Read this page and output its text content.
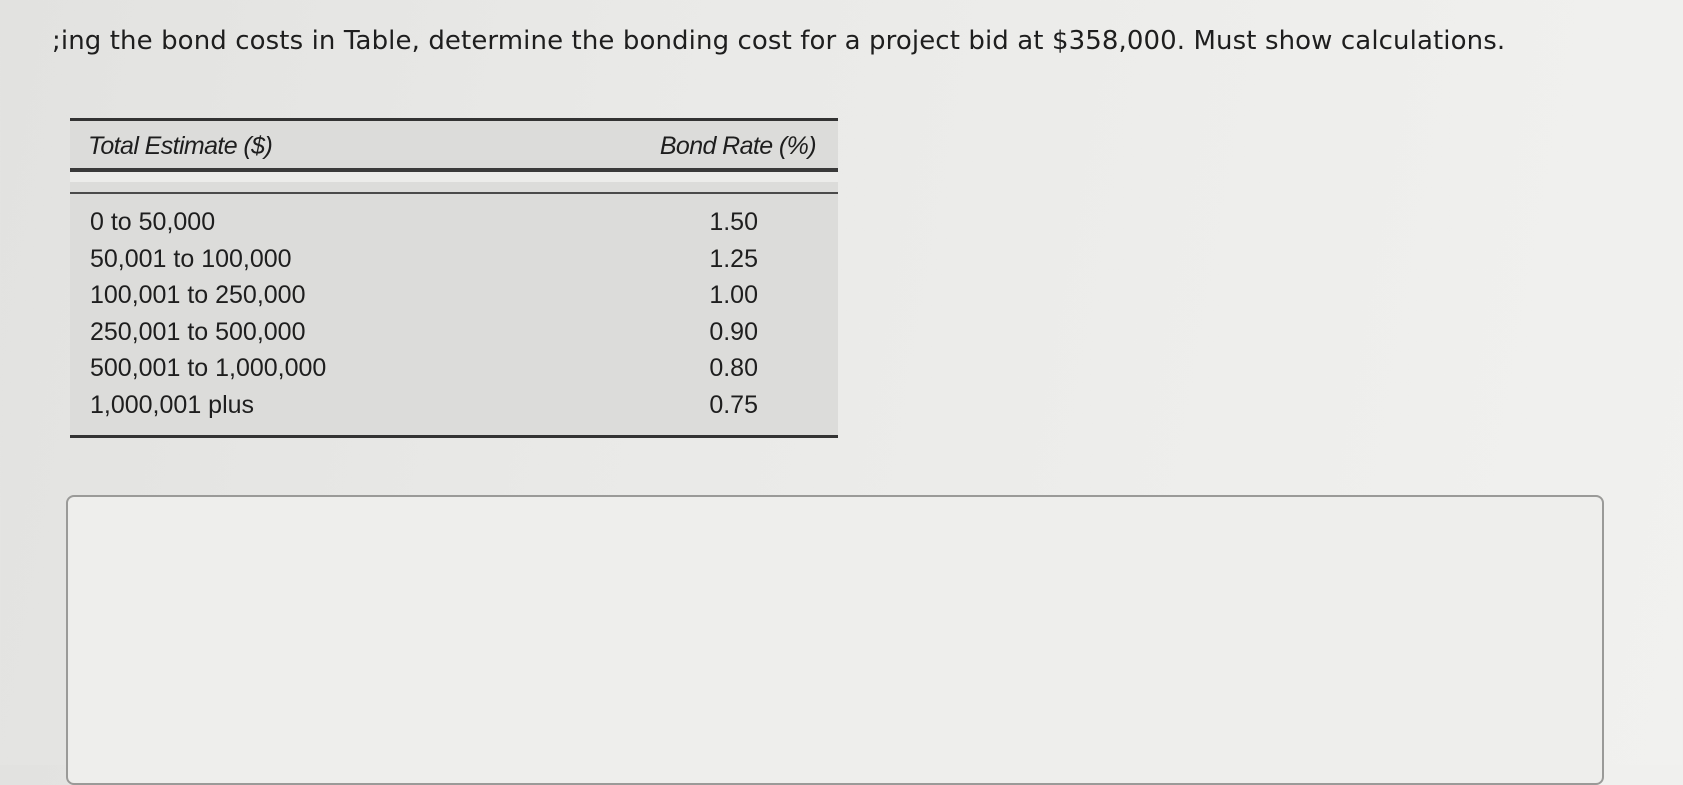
;ing the bond costs in Table, determine the bonding cost for a project bid at $358,000. Must show calculations.
Total Estimate ($)	Bond Rate (%)
0 to 50,000	1.50
50,001 to 100,000	1.25
100,001 to 250,000	1.00
250,001 to 500,000	0.90
500,001 to 1,000,000	0.80
1,000,001 plus	0.75
